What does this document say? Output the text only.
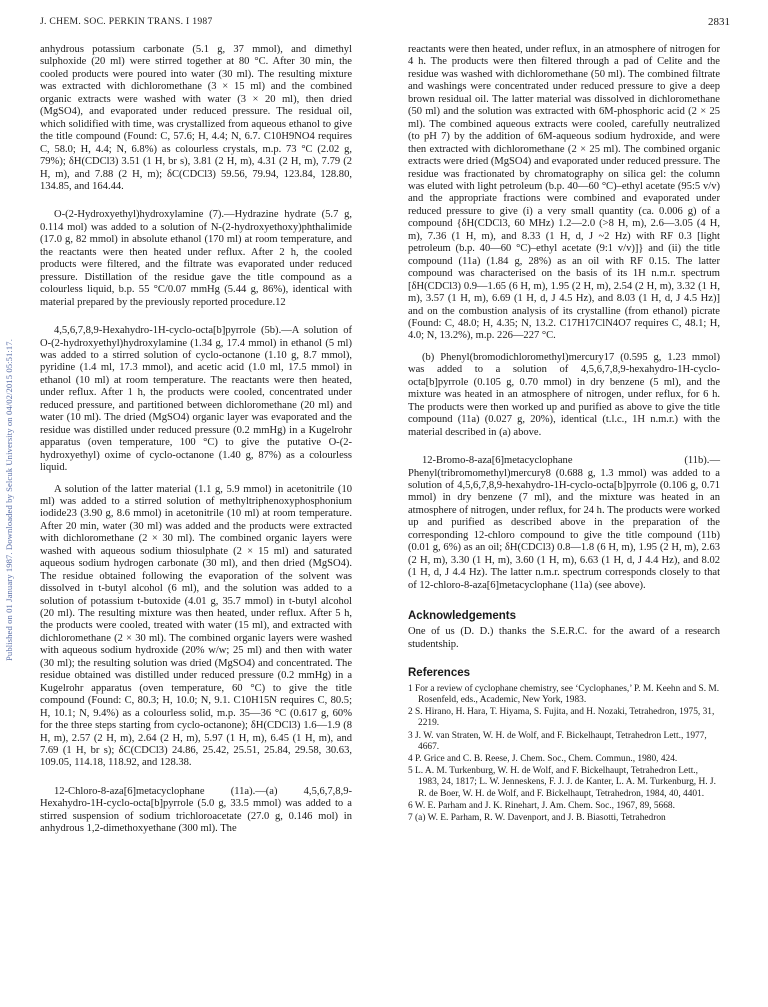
Published on 01 January 1987. Downloaded by Selcuk University on 04/02/2015 05:51:17.
J. CHEM. SOC. PERKIN TRANS. I 1987	2831

anhydrous potassium carbonate (5.1 g, 37 mmol), and dimethyl sulphoxide (20 ml) were stirred together at 80 °C. After 30 min, the cooled products were poured into water (30 ml). The resulting mixture was extracted with dichloromethane (3 × 15 ml) and the combined organic extracts were washed with water (3 × 20 ml), then dried (MgSO4), and evaporated under reduced pressure. The residual oil, which solidified with time, was crystallized from aqueous ethanol to give the title compound (Found: C, 57.6; H, 4.4; N, 6.7. C10H9NO4 requires C, 58.0; H, 4.4; N, 6.8%) as colourless crystals, m.p. 73 °C (2.02 g, 79%); δH(CDCl3) 3.51 (1 H, br s), 3.81 (2 H, m), 4.31 (2 H, m), 7.79 (2 H, m), and 7.88 (2 H, m); δC(CDCl3) 59.56, 79.94, 123.84, 128.80, 134.85, and 164.44.

O-(2-Hydroxyethyl)hydroxylamine (7).—Hydrazine hydrate (5.7 g, 0.114 mol) was added to a solution of N-(2-hydroxyethoxy)phthalimide (17.0 g, 82 mmol) in absolute ethanol (170 ml) at room temperature, and the reactants were then heated under reflux. After 2 h, the cooled products were filtered, and the filtrate was evaporated under reduced pressure. Distillation of the residue gave the title compound as a colourless liquid, b.p. 55 °C/0.07 mmHg (5.44 g, 86%), identical with material prepared by the previously reported procedure.12

4,5,6,7,8,9-Hexahydro-1H-cyclo-octa[b]pyrrole (5b).—A solution of O-(2-hydroxyethyl)hydroxylamine (1.34 g, 17.4 mmol) in ethanol (5 ml) was added to a stirred solution of cyclo-octanone (1.10 g, 8.7 mmol), pyridine (1.4 ml, 17.3 mmol), and acetic acid (1.0 ml, 17.5 mmol) in ethanol (10 ml) at room temperature. The reactants were then heated, under reflux. After 1 h, the products were cooled, concentrated under reduced pressure, and partitioned between dichloromethane (20 ml) and water (10 ml). The dried (MgSO4) organic layer was evaporated and the residue was distilled under reduced pressure (0.2 mmHg) in a Kugelrohr apparatus (oven temperature, 100 °C) to give the putative O-(2-hydroxyethyl) oxime of cyclo-octanone (1.40 g, 87%) as a colourless liquid.

A solution of the latter material (1.1 g, 5.9 mmol) in acetonitrile (10 ml) was added to a stirred solution of methyltriphenoxyphosphonium iodide23 (3.90 g, 8.6 mmol) in acetonitrile (10 ml) at room temperature. After 20 min, water (30 ml) was added and the products were extracted with dichloromethane (2 × 30 ml). The combined organic layers were washed with aqueous sodium thiosulphate (2 × 15 ml) and saturated aqueous sodium hydrogen carbonate (30 ml), and then dried (MgSO4). The residue obtained following the evaporation of the solvent was dissolved in t-butyl alcohol (6 ml), and the solution was added to a solution of potassium t-butoxide (4.01 g, 35.7 mmol) in t-butyl alcohol (20 ml). The resulting mixture was then heated, under reflux. After 5 h, the products were cooled, treated with water (15 ml), and extracted with dichloromethane (2 × 30 ml). The combined organic layers were washed with aqueous sodium hydroxide (20% w/w; 25 ml) and then with water (30 ml); the resulting solution was dried (MgSO4) and concentrated. The residue obtained was distilled under reduced pressure (0.2 mmHg) in a Kugelrohr apparatus (oven temperature, 60 °C) to give the title compound (Found: C, 80.3; H, 10.0; N, 9.1. C10H15N requires C, 80.5; H, 10.1; N, 9.4%) as a colourless solid, m.p. 35—36 °C (0.617 g, 60% for the three steps starting from cyclo-octanone); δH(CDCl3) 1.6—1.9 (8 H, m), 2.57 (2 H, m), 2.64 (2 H, m), 5.97 (1 H, m), 6.45 (1 H, m), and 7.69 (1 H, br s); δC(CDCl3) 24.86, 25.42, 25.51, 25.84, 29.58, 30.63, 109.05, 114.18, 118.92, and 128.38.

12-Chloro-8-aza[6]metacyclophane (11a).—(a) 4,5,6,7,8,9-Hexahydro-1H-cyclo-octa[b]pyrrole (5.0 g, 33.5 mmol) was added to a stirred suspension of sodium trichloroacetate (27.0 g, 0.146 mol) in anhydrous 1,2-dimethoxyethane (300 ml). The

reactants were then heated, under reflux, in an atmosphere of nitrogen for 4 h. The products were then filtered through a pad of Celite and the residue was washed with dichloromethane (50 ml). The combined filtrate and washings were concentrated under reduced pressure to give a deep brown residual oil. The latter material was dissolved in dichloromethane (50 ml) and the solution was extracted with 6M-phosphoric acid (2 × 25 ml). The combined aqueous extracts were cooled, carefully neutralized (to pH 7) by the addition of 6M-aqueous sodium hydroxide, and were then extracted with dichloromethane (2 × 25 ml). The combined organic extracts were dried (MgSO4) and evaporated under reduced pressure. The residue was fractionated by chromatography on silica gel: the column was eluted with light petroleum (b.p. 40—60 °C)–ethyl acetate (95:5 v/v) and the appropriate fractions were combined and evaporated under reduced pressure to give (i) a very small quantity (ca. 0.006 g) of a compound {δH(CDCl3, 60 MHz) 1.2—2.0 (>8 H, m), 2.6—3.05 (4 H, m), 7.36 (1 H, m), and 8.33 (1 H, d, J ~2 Hz) with RF 0.3 [light petroleum (b.p. 40—60 °C)–ethyl acetate (9:1 v/v)]} and (ii) the title compound (11a) (1.84 g, 28%) as an oil with RF 0.15. The latter compound was characterised on the basis of its 1H n.m.r. spectrum [δH(CDCl3) 0.9—1.65 (6 H, m), 1.95 (2 H, m), 2.54 (2 H, m), 3.32 (1 H, m), 3.57 (1 H, m), 6.69 (1 H, d, J 4.5 Hz), and 8.03 (1 H, d, J 4.5 Hz)] and on the combustion analysis of its crystalline (from ethanol) picrate (Found: C, 48.0; H, 4.35; N, 13.2. C17H17ClN4O7 requires C, 48.1; H, 4.0; N, 13.2%), m.p. 226—227 °C.

(b) Phenyl(bromodichloromethyl)mercury17 (0.595 g, 1.23 mmol) was added to a solution of 4,5,6,7,8,9-hexahydro-1H-cyclo-octa[b]pyrrole (0.105 g, 0.70 mmol) in dry benzene (5 ml), and the mixture was heated in an atmosphere of nitrogen, under reflux, for 6 h. The products were then worked up and purified as above to give the title compound (11a) (0.027 g, 20%), identical (t.l.c., 1H n.m.r.) with the material described in (a) above.

12-Bromo-8-aza[6]metacyclophane (11b).—Phenyl(tribromomethyl)mercury8 (0.688 g, 1.3 mmol) was added to a solution of 4,5,6,7,8,9-hexahydro-1H-cyclo-octa[b]pyrrole (0.106 g, 0.71 mmol) in dry benzene (7 ml), and the mixture was heated in an atmosphere of nitrogen, under reflux, for 24 h. The products were worked up and purified as described above in the preparation of the corresponding 12-chloro compound to give the title compound (11b) (0.01 g, 6%) as an oil; δH(CDCl3) 0.8—1.8 (6 H, m), 1.95 (2 H, m), 2.63 (2 H, m), 3.30 (1 H, m), 3.60 (1 H, m), 6.63 (1 H, d, J 4.4 Hz), and 8.02 (1 H, d, J 4.4 Hz). The latter n.m.r. spectrum corresponds closely to that of 12-chloro-8-aza[6]metacyclophane (11a) (see above).

Acknowledgements

One of us (D. D.) thanks the S.E.R.C. for the award of a research studentship.

References
1 For a review of cyclophane chemistry, see ‘Cyclophanes,’ P. M. Keehn and S. M. Rosenfeld, eds., Academic, New York, 1983.
2 S. Hirano, H. Hara, T. Hiyama, S. Fujita, and H. Nozaki, Tetrahedron, 1975, 31, 2219.
3 J. W. van Straten, W. H. de Wolf, and F. Bickelhaupt, Tetrahedron Lett., 1977, 4667.
4 P. Grice and C. B. Reese, J. Chem. Soc., Chem. Commun., 1980, 424.
5 L. A. M. Turkenburg, W. H. de Wolf, and F. Bickelhaupt, Tetrahedron Lett., 1983, 24, 1817; L. W. Jenneskens, F. J. J. de Kanter, L. A. M. Turkenburg, H. J. R. de Boer, W. H. de Wolf, and F. Bickelhaupt, Tetrahedron, 1984, 40, 4401.
6 W. E. Parham and J. K. Rinehart, J. Am. Chem. Soc., 1967, 89, 5668.
7 (a) W. E. Parham, R. W. Davenport, and J. B. Biasotti, Tetrahedron
